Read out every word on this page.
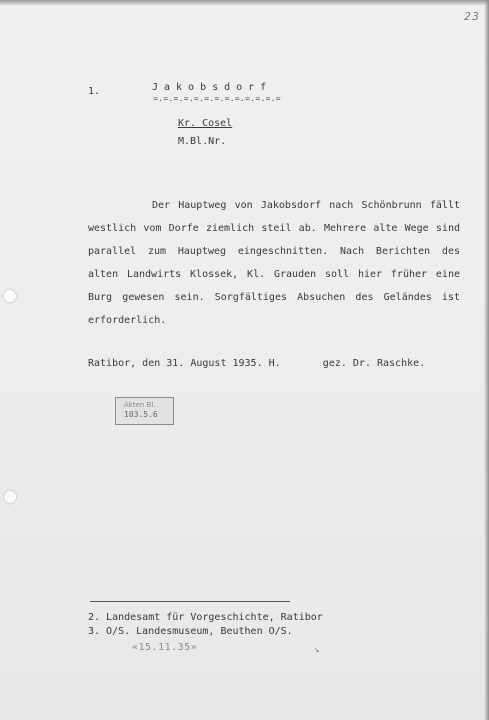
23
1.	Jakobsdorf
=.=.=.=.=.=.=.=.=.=.=.=.=
Kr. Cosel
M.Bl.Nr.
Der Hauptweg von Jakobsdorf nach Schönbrunn fällt westlich vom Dorfe ziemlich steil ab. Mehrere alte Wege sind parallel zum Hauptweg eingeschnitten. Nach Berichten des alten Landwirts Klossek, Kl. Grauden soll hier früher eine Burg gewesen sein. Sorgfältiges Absuchen des Geländes ist erforderlich.
Ratibor, den 31. August 1935. H.       gez. Dr. Raschke.
Akten Bl.
103.5.6
2. Landesamt für Vorgeschichte, Ratibor
3. O/S. Landesmuseum, Beuthen O/S.
«15.11.35»	↘
